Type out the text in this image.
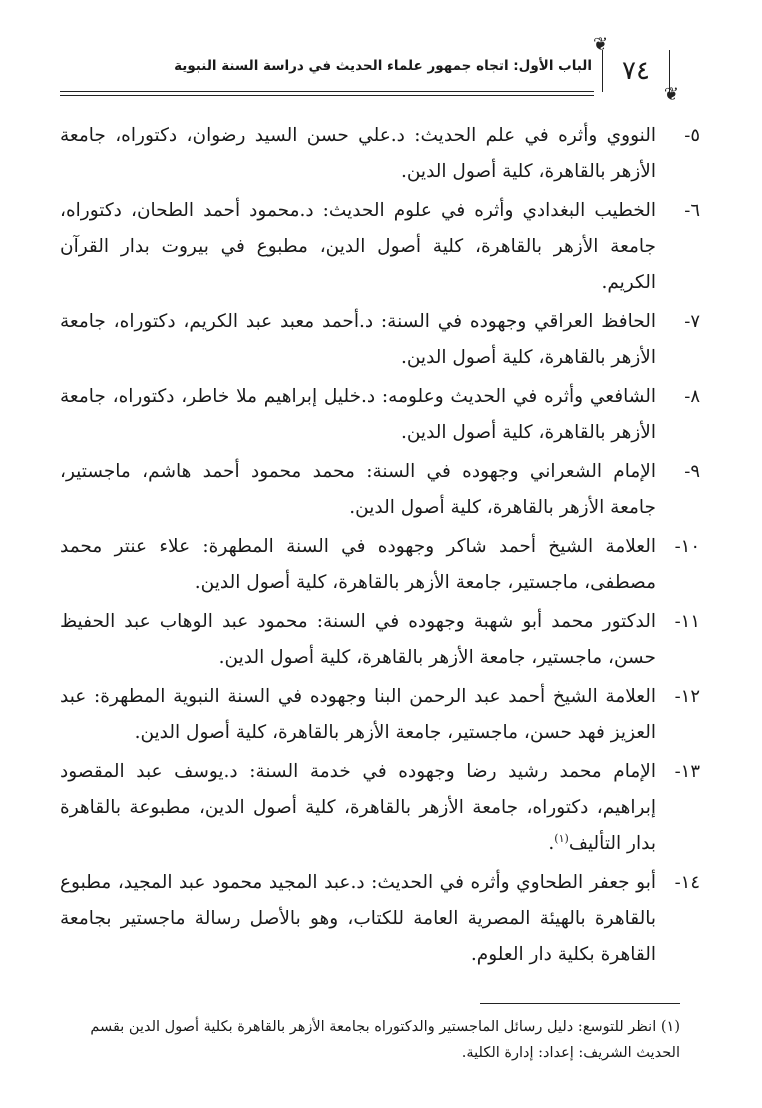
❦
٧٤
❦
الباب الأول: اتجاه جمهور علماء الحديث في دراسة السنة النبوية
٥-
النووي وأثره في علم الحديث: د.علي حسن السيد رضوان، دكتوراه، جامعة الأزهر بالقاهرة، كلية أصول الدين.
٦-
الخطيب البغدادي وأثره في علوم الحديث: د.محمود أحمد الطحان، دكتوراه، جامعة الأزهر بالقاهرة، كلية أصول الدين، مطبوع في بيروت بدار القرآن الكريم.
٧-
الحافظ العراقي وجهوده في السنة: د.أحمد معبد عبد الكريم، دكتوراه، جامعة الأزهر بالقاهرة، كلية أصول الدين.
٨-
الشافعي وأثره في الحديث وعلومه: د.خليل إبراهيم ملا خاطر، دكتوراه، جامعة الأزهر بالقاهرة، كلية أصول الدين.
٩-
الإمام الشعراني وجهوده في السنة: محمد محمود أحمد هاشم، ماجستير، جامعة الأزهر بالقاهرة، كلية أصول الدين.
١٠-
العلامة الشيخ أحمد شاكر وجهوده في السنة المطهرة: علاء عنتر محمد مصطفى، ماجستير، جامعة الأزهر بالقاهرة، كلية أصول الدين.
١١-
الدكتور محمد أبو شهبة وجهوده في السنة: محمود عبد الوهاب عبد الحفيظ حسن، ماجستير، جامعة الأزهر بالقاهرة، كلية أصول الدين.
١٢-
العلامة الشيخ أحمد عبد الرحمن البنا وجهوده في السنة النبوية المطهرة: عبد العزيز فهد حسن، ماجستير، جامعة الأزهر بالقاهرة، كلية أصول الدين.
١٣-
الإمام محمد رشيد رضا وجهوده في خدمة السنة: د.يوسف عبد المقصود إبراهيم، دكتوراه، جامعة الأزهر بالقاهرة، كلية أصول الدين، مطبوعة بالقاهرة بدار التأليف$^{(١)}$.
١٤-
أبو جعفر الطحاوي وأثره في الحديث: د.عبد المجيد محمود عبد المجيد، مطبوع بالقاهرة بالهيئة المصرية العامة للكتاب، وهو بالأصل رسالة ماجستير بجامعة القاهرة بكلية دار العلوم.
(١) انظر للتوسع: دليل رسائل الماجستير والدكتوراه بجامعة الأزهر بالقاهرة بكلية أصول الدين بقسم الحديث الشريف: إعداد: إدارة الكلية.
